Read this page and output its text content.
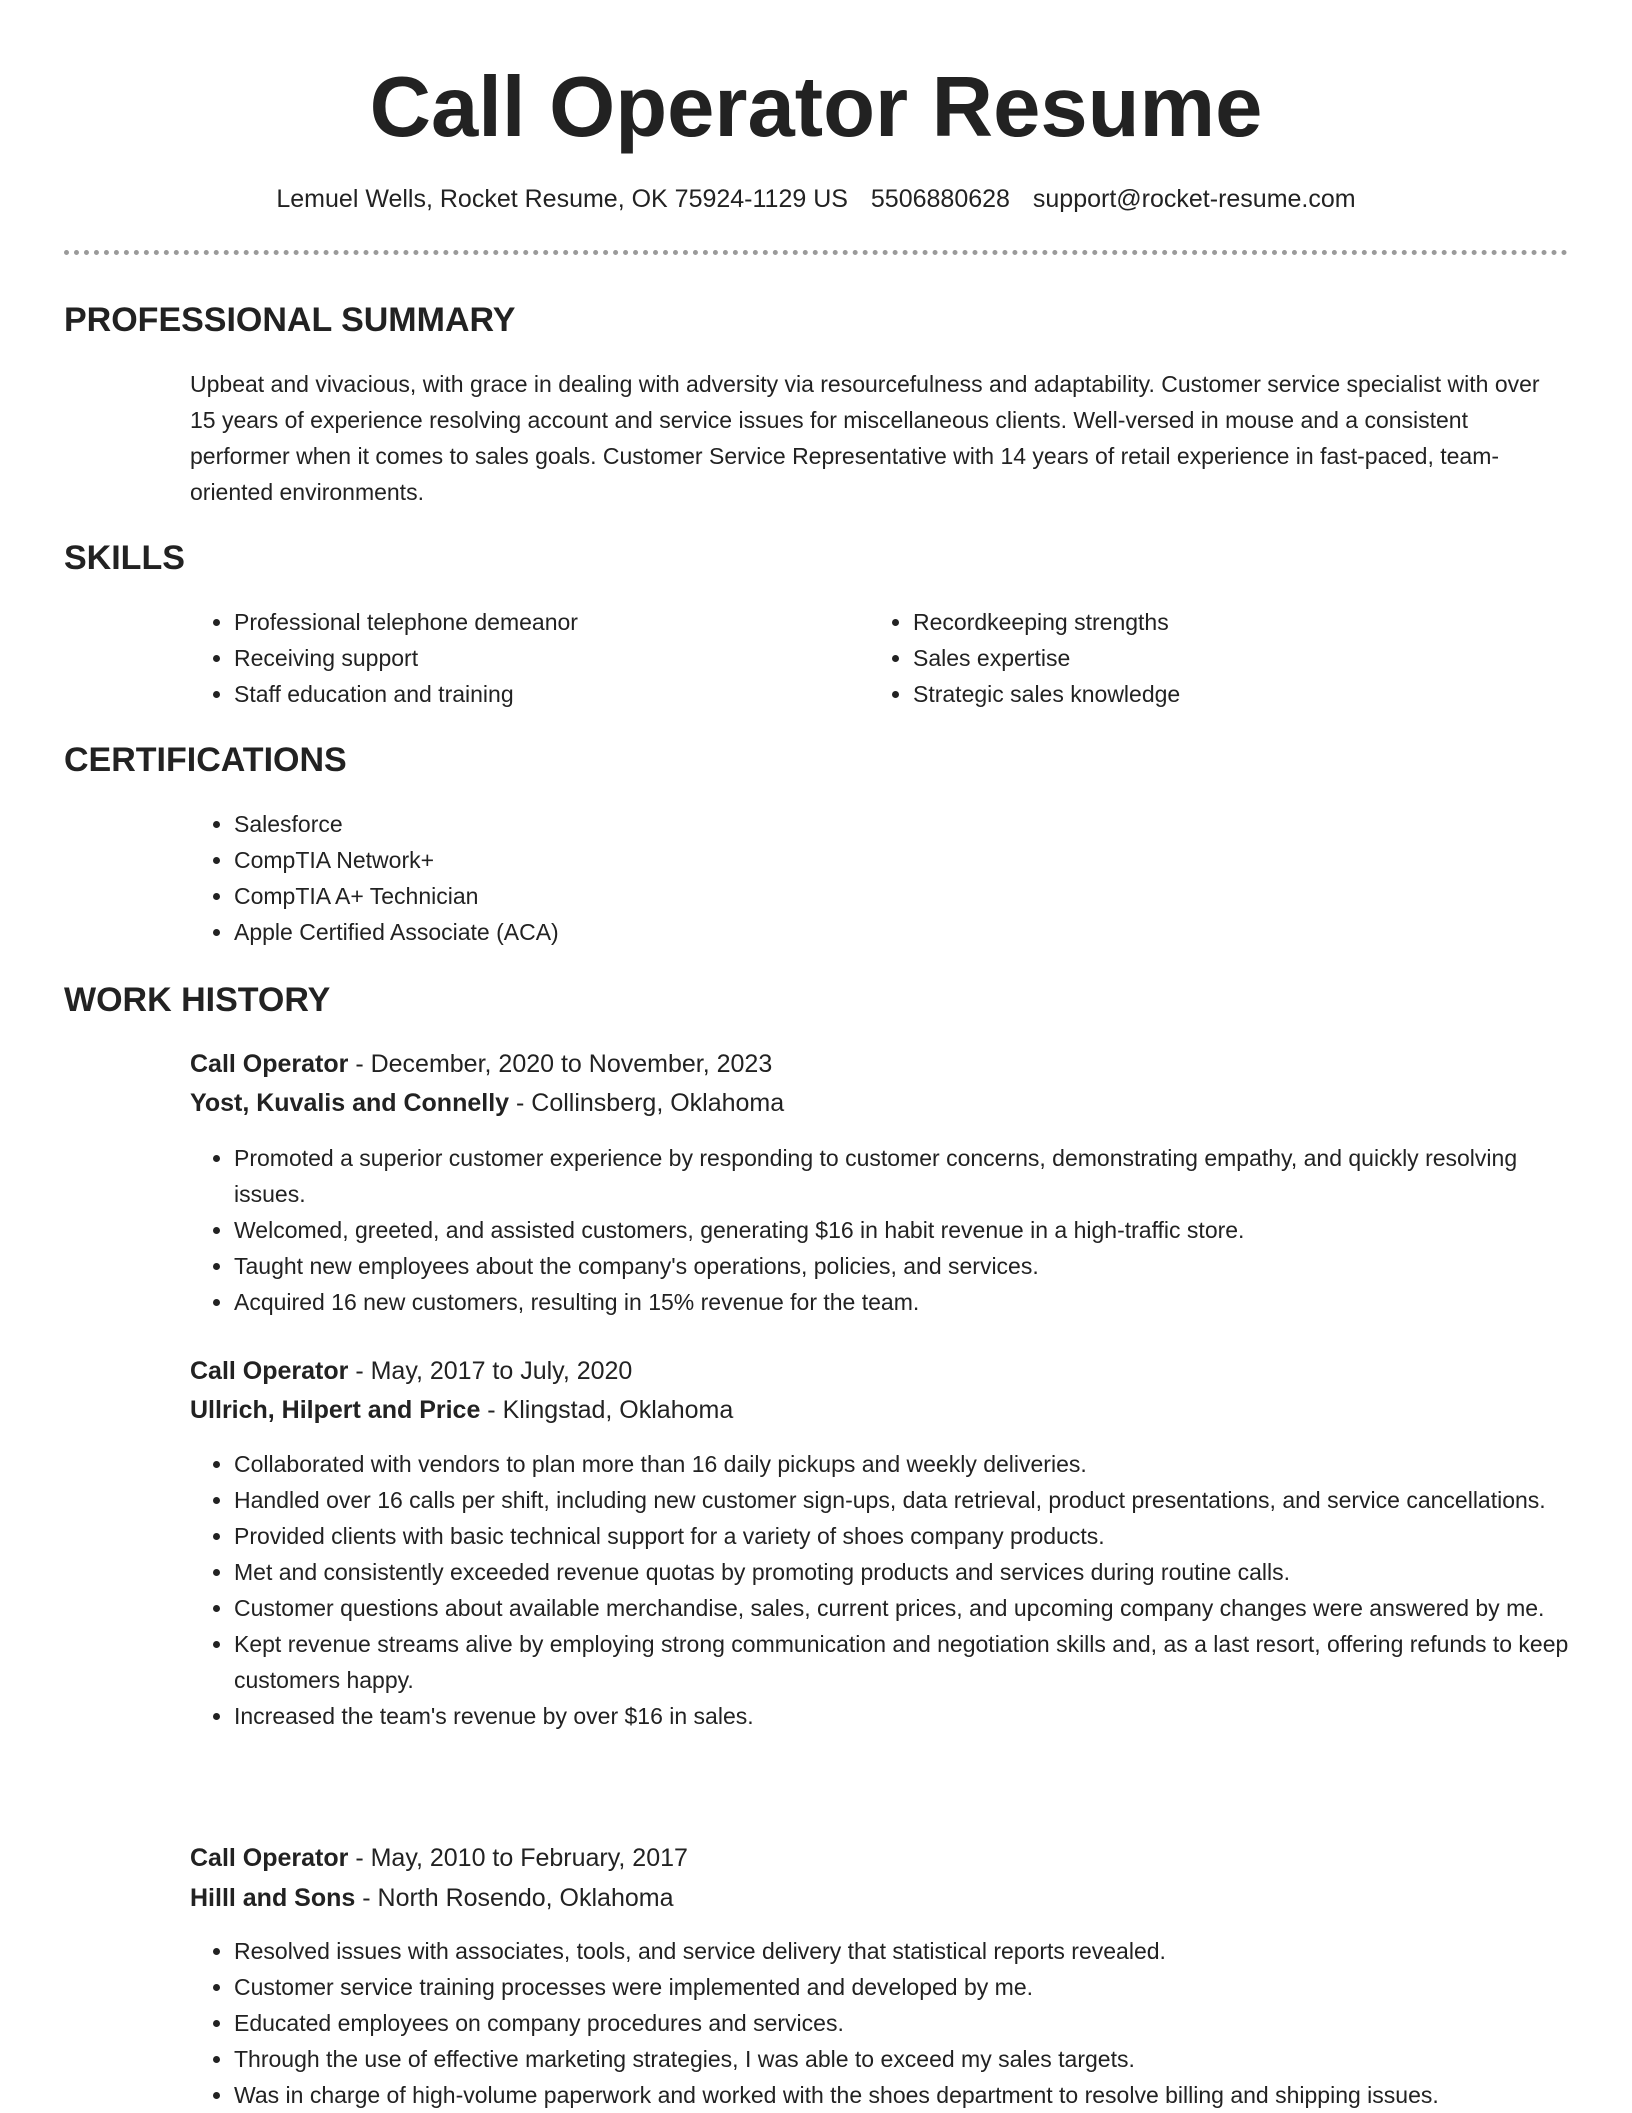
Call Operator Resume
Lemuel Wells, Rocket Resume, OK 75924-1129 US 5506880628 support@rocket-resume.com
PROFESSIONAL SUMMARY

Upbeat and vivacious, with grace in dealing with adversity via resourcefulness and adaptability. Customer service specialist with over 15 years of experience resolving account and service issues for miscellaneous clients. Well-versed in mouse and a consistent performer when it comes to sales goals. Customer Service Representative with 14 years of retail experience in fast-paced, team-oriented environments.

SKILLS
• Professional telephone demeanor
• Receiving support
• Staff education and training
• Recordkeeping strengths
• Sales expertise
• Strategic sales knowledge
CERTIFICATIONS
• Salesforce
• CompTIA Network+
• CompTIA A+ Technician
• Apple Certified Associate (ACA)
WORK HISTORY

Call Operator - December, 2020 to November, 2023

Yost, Kuvalis and Connelly - Collinsberg, Oklahoma

• Promoted a superior customer experience by responding to customer concerns, demonstrating empathy, and quickly resolving issues.
• Welcomed, greeted, and assisted customers, generating $16 in habit revenue in a high-traffic store.
• Taught new employees about the company's operations, policies, and services.
• Acquired 16 new customers, resulting in 15% revenue for the team.

Call Operator - May, 2017 to July, 2020

Ullrich, Hilpert and Price - Klingstad, Oklahoma

• Collaborated with vendors to plan more than 16 daily pickups and weekly deliveries.
• Handled over 16 calls per shift, including new customer sign-ups, data retrieval, product presentations, and service cancellations.
• Provided clients with basic technical support for a variety of shoes company products.
• Met and consistently exceeded revenue quotas by promoting products and services during routine calls.
• Customer questions about available merchandise, sales, current prices, and upcoming company changes were answered by me.
• Kept revenue streams alive by employing strong communication and negotiation skills and, as a last resort, offering refunds to keep customers happy.
• Increased the team's revenue by over $16 in sales.

Call Operator - May, 2010 to February, 2017

Hilll and Sons - North Rosendo, Oklahoma

• Resolved issues with associates, tools, and service delivery that statistical reports revealed.
• Customer service training processes were implemented and developed by me.
• Educated employees on company procedures and services.
• Through the use of effective marketing strategies, I was able to exceed my sales targets.
• Was in charge of high-volume paperwork and worked with the shoes department to resolve billing and shipping issues.
